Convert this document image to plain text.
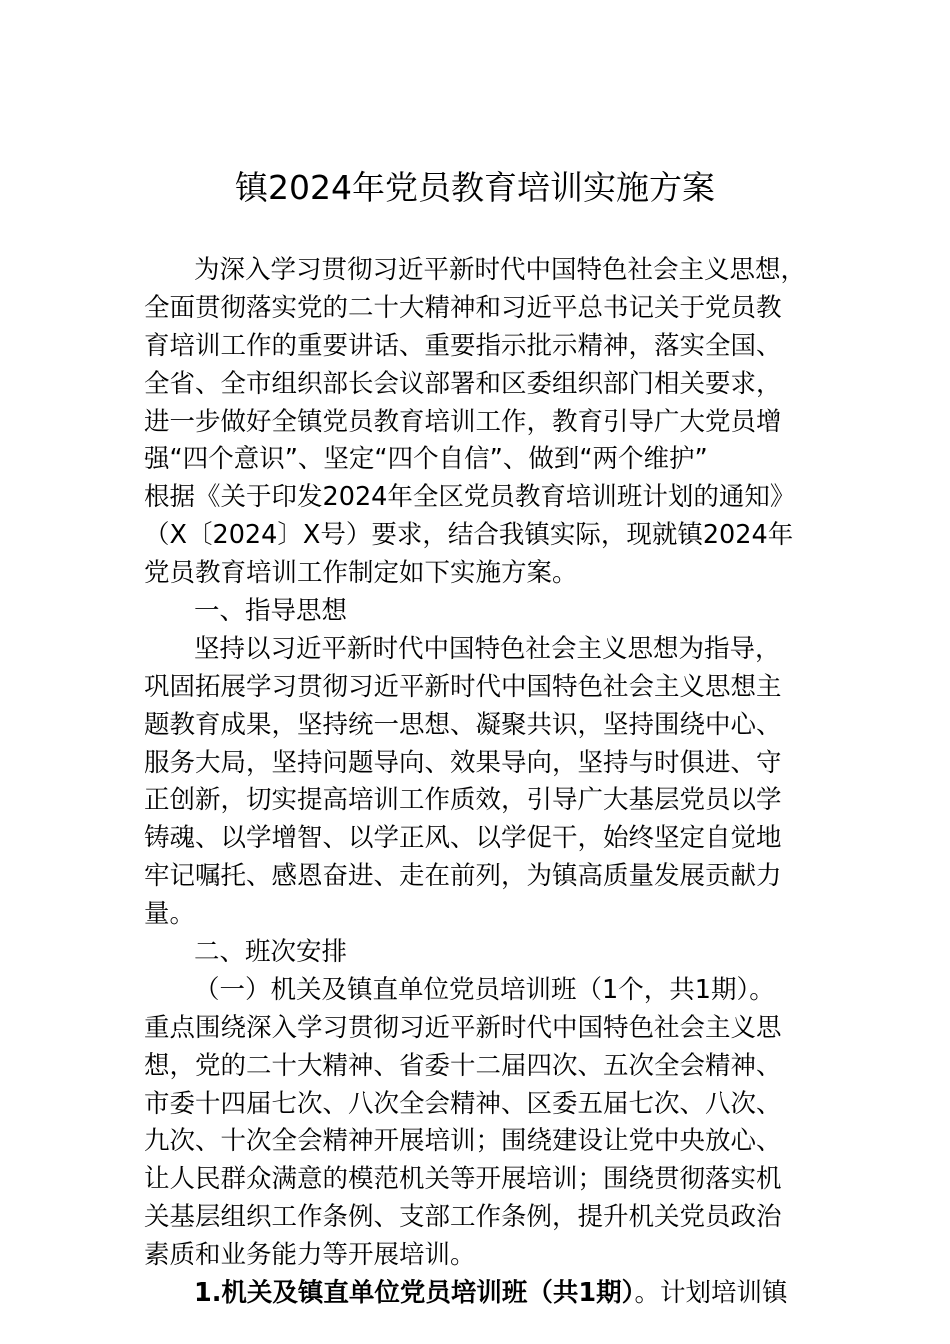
镇2024年党员教育培训实施方案
为深入学习贯彻习近平新时代中国特色社会主义思想，
全面贯彻落实党的二十大精神和习近平总书记关于党员教
育培训工作的重要讲话、重要指示批示精神，落实全国、
全省、全市组织部长会议部署和区委组织部门相关要求，
进一步做好全镇党员教育培训工作，教育引导广大党员增
强“四个意识”、坚定“四个自信”、做到“两个维护”
根据《关于印发2024年全区党员教育培训班计划的通知》
（X〔2024〕X号）要求，结合我镇实际，现就镇2024年
党员教育培训工作制定如下实施方案。
一、指导思想
坚持以习近平新时代中国特色社会主义思想为指导，
巩固拓展学习贯彻习近平新时代中国特色社会主义思想主
题教育成果，坚持统一思想、凝聚共识，坚持围绕中心、
服务大局，坚持问题导向、效果导向，坚持与时俱进、守
正创新，切实提高培训工作质效，引导广大基层党员以学
铸魂、以学增智、以学正风、以学促干，始终坚定自觉地
牢记嘱托、感恩奋进、走在前列，为镇高质量发展贡献力
量。
二、班次安排
（一）机关及镇直单位党员培训班（1个，共1期）。
重点围绕深入学习贯彻习近平新时代中国特色社会主义思
想，党的二十大精神、省委十二届四次、五次全会精神、
市委十四届七次、八次全会精神、区委五届七次、八次、
九次、十次全会精神开展培训；围绕建设让党中央放心、
让人民群众满意的模范机关等开展培训；围绕贯彻落实机
关基层组织工作条例、支部工作条例，提升机关党员政治
素质和业务能力等开展培训。
1.机关及镇直单位党员培训班（共1期）。计划培训镇
